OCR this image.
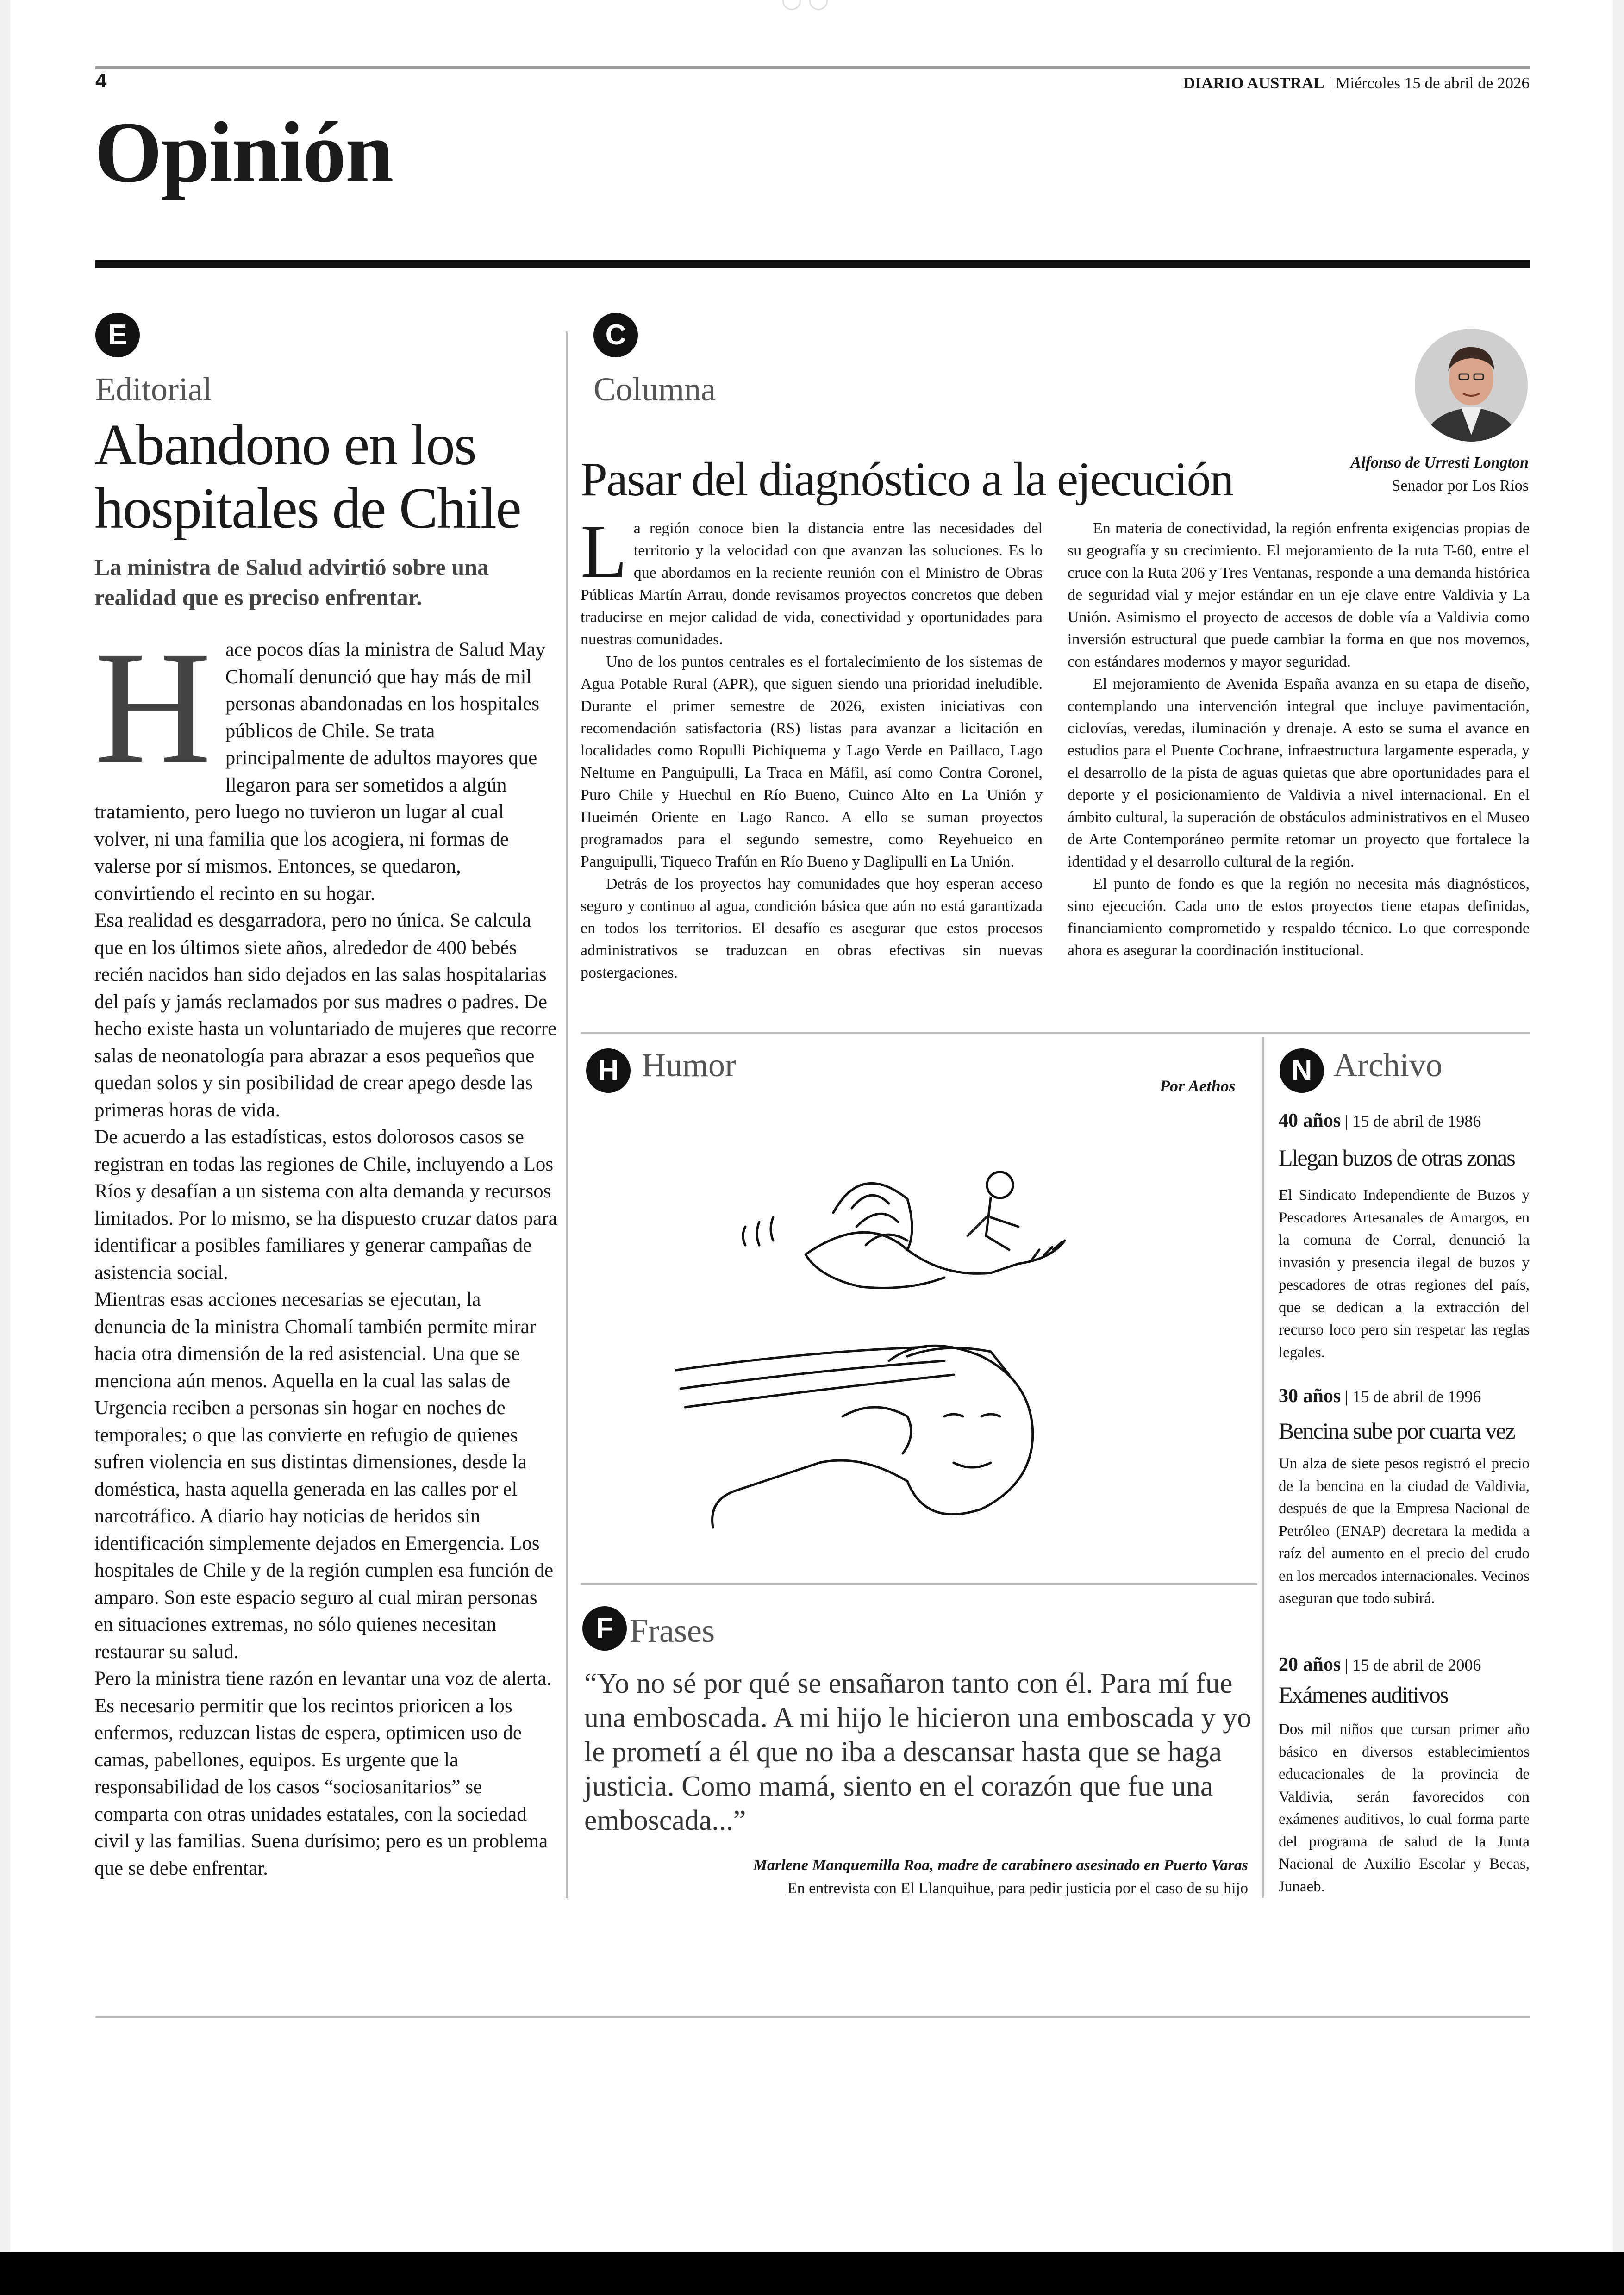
4	DIARIO AUSTRAL | Miércoles 15 de abril de 2026
Opinión
E
Editorial
Abandono en los hospitales de Chile
La ministra de Salud advirtió sobre una realidad que es preciso enfrentar.

Hace pocos días la ministra de Salud May Chomalí denunció que hay más de mil personas abandonadas en los hospitales públicos de Chile. Se trata principalmente de adultos mayores que llegaron para ser sometidos a algún tratamiento, pero luego no tuvieron un lugar al cual volver, ni una familia que los acogiera, ni formas de valerse por sí mismos. Entonces, se quedaron, convirtiendo el recinto en su hogar.

Esa realidad es desgarradora, pero no única. Se calcula que en los últimos siete años, alrededor de 400 bebés recién nacidos han sido dejados en las salas hospitalarias del país y jamás reclamados por sus madres o padres. De hecho existe hasta un voluntariado de mujeres que recorre salas de neonatología para abrazar a esos pequeños que quedan solos y sin posibilidad de crear apego desde las primeras horas de vida.

De acuerdo a las estadísticas, estos dolorosos casos se registran en todas las regiones de Chile, incluyendo a Los Ríos y desafían a un sistema con alta demanda y recursos limitados. Por lo mismo, se ha dispuesto cruzar datos para identificar a posibles familiares y generar campañas de asistencia social.

Mientras esas acciones necesarias se ejecutan, la denuncia de la ministra Chomalí también permite mirar hacia otra dimensión de la red asistencial. Una que se menciona aún menos. Aquella en la cual las salas de Urgencia reciben a personas sin hogar en noches de temporales; o que las convierte en refugio de quienes sufren violencia en sus distintas dimensiones, desde la doméstica, hasta aquella generada en las calles por el narcotráfico. A diario hay noticias de heridos sin identificación simplemente dejados en Emergencia. Los hospitales de Chile y de la región cumplen esa función de amparo. Son este espacio seguro al cual miran personas en situaciones extremas, no sólo quienes necesitan restaurar su salud.

Pero la ministra tiene razón en levantar una voz de alerta. Es necesario permitir que los recintos prioricen a los enfermos, reduzcan listas de espera, optimicen uso de camas, pabellones, equipos. Es urgente que la responsabilidad de los casos “sociosanitarios” se comparta con otras unidades estatales, con la sociedad civil y las familias. Suena durísimo; pero es un problema que se debe enfrentar.

C
Columna
Alfonso de Urresti Longton
Senador por Los Ríos
Pasar del diagnóstico a la ejecución

La región conoce bien la distancia entre las necesidades del territorio y la velocidad con que avanzan las soluciones. Es lo que abordamos en la reciente reunión con el Ministro de Obras Públicas Martín Arrau, donde revisamos proyectos concretos que deben traducirse en mejor calidad de vida, conectividad y oportunidades para nuestras comunidades.

Uno de los puntos centrales es el fortalecimiento de los sistemas de Agua Potable Rural (APR), que siguen siendo una prioridad ineludible. Durante el primer semestre de 2026, existen iniciativas con recomendación satisfactoria (RS) listas para avanzar a licitación en localidades como Ropulli Pichiquema y Lago Verde en Paillaco, Lago Neltume en Panguipulli, La Traca en Máfil, así como Contra Coronel, Puro Chile y Huechul en Río Bueno, Cuinco Alto en La Unión y Hueimén Oriente en Lago Ranco. A ello se suman proyectos programados para el segundo semestre, como Reyehueico en Panguipulli, Tiqueco Trafún en Río Bueno y Daglipulli en La Unión.

Detrás de los proyectos hay comunidades que hoy esperan acceso seguro y continuo al agua, condición básica que aún no está garantizada en todos los territorios. El desafío es asegurar que estos procesos administrativos se traduzcan en obras efectivas sin nuevas postergaciones.

En materia de conectividad, la región enfrenta exigencias propias de su geografía y su crecimiento. El mejoramiento de la ruta T-60, entre el cruce con la Ruta 206 y Tres Ventanas, responde a una demanda histórica de seguridad vial y mejor estándar en un eje clave entre Valdivia y La Unión. Asimismo el proyecto de accesos de doble vía a Valdivia como inversión estructural que puede cambiar la forma en que nos movemos, con estándares modernos y mayor seguridad.

El mejoramiento de Avenida España avanza en su etapa de diseño, contemplando una intervención integral que incluye pavimentación, ciclovías, veredas, iluminación y drenaje. A esto se suma el avance en estudios para el Puente Cochrane, infraestructura largamente esperada, y el desarrollo de la pista de aguas quietas que abre oportunidades para el deporte y el posicionamiento de Valdivia a nivel internacional. En el ámbito cultural, la superación de obstáculos administrativos en el Museo de Arte Contemporáneo permite retomar un proyecto que fortalece la identidad y el desarrollo cultural de la región.

El punto de fondo es que la región no necesita más diagnósticos, sino ejecución. Cada uno de estos proyectos tiene etapas definidas, financiamiento comprometido y respaldo técnico. Lo que corresponde ahora es asegurar la coordinación institucional.

H Humor
Por Aethos
F Frases
“Yo no sé por qué se ensañaron tanto con él. Para mí fue una emboscada. A mi hijo le hicieron una emboscada y yo le prometí a él que no iba a descansar hasta que se haga justicia. Como mamá, siento en el corazón que fue una emboscada...”
Marlene Manquemilla Roa, madre de carabinero asesinado en Puerto Varas
En entrevista con El Llanquihue, para pedir justicia por el caso de su hijo
N Archivo
40 años | 15 de abril de 1986
Llegan buzos de otras zonas
El Sindicato Independiente de Buzos y Pescadores Artesanales de Amargos, en la comuna de Corral, denunció la invasión y presencia ilegal de buzos y pescadores de otras regiones del país, que se dedican a la extracción del recurso loco pero sin respetar las reglas legales.
30 años | 15 de abril de 1996
Bencina sube por cuarta vez
Un alza de siete pesos registró el precio de la bencina en la ciudad de Valdivia, después de que la Empresa Nacional de Petróleo (ENAP) decretara la medida a raíz del aumento en el precio del crudo en los mercados internacionales. Vecinos aseguran que todo subirá.
20 años | 15 de abril de 2006
Exámenes auditivos
Dos mil niños que cursan primer año básico en diversos establecimientos educacionales de la provincia de Valdivia, serán favorecidos con exámenes auditivos, lo cual forma parte del programa de salud de la Junta Nacional de Auxilio Escolar y Becas, Junaeb.
